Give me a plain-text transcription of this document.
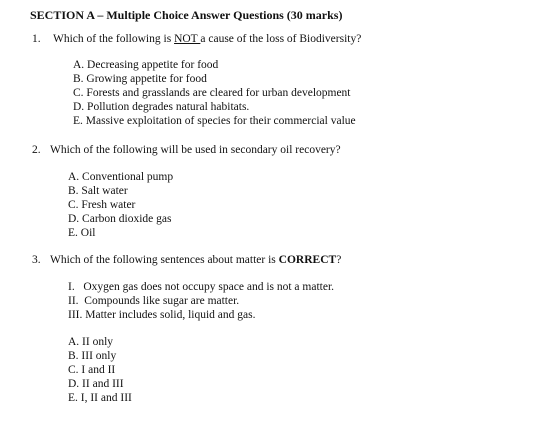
SECTION A – Multiple Choice Answer Questions (30 marks)
1. Which of the following is NOT a cause of the loss of Biodiversity?
A. Decreasing appetite for food
B. Growing appetite for food
C. Forests and grasslands are cleared for urban development
D. Pollution degrades natural habitats.
E. Massive exploitation of species for their commercial value
2. Which of the following will be used in secondary oil recovery?
A. Conventional pump
B. Salt water
C. Fresh water
D. Carbon dioxide gas
E. Oil
3. Which of the following sentences about matter is CORRECT?
I.   Oxygen gas does not occupy space and is not a matter.
II.  Compounds like sugar are matter.
III. Matter includes solid, liquid and gas.
A. II only
B. III only
C. I and II
D. II and III
E. I, II and III
